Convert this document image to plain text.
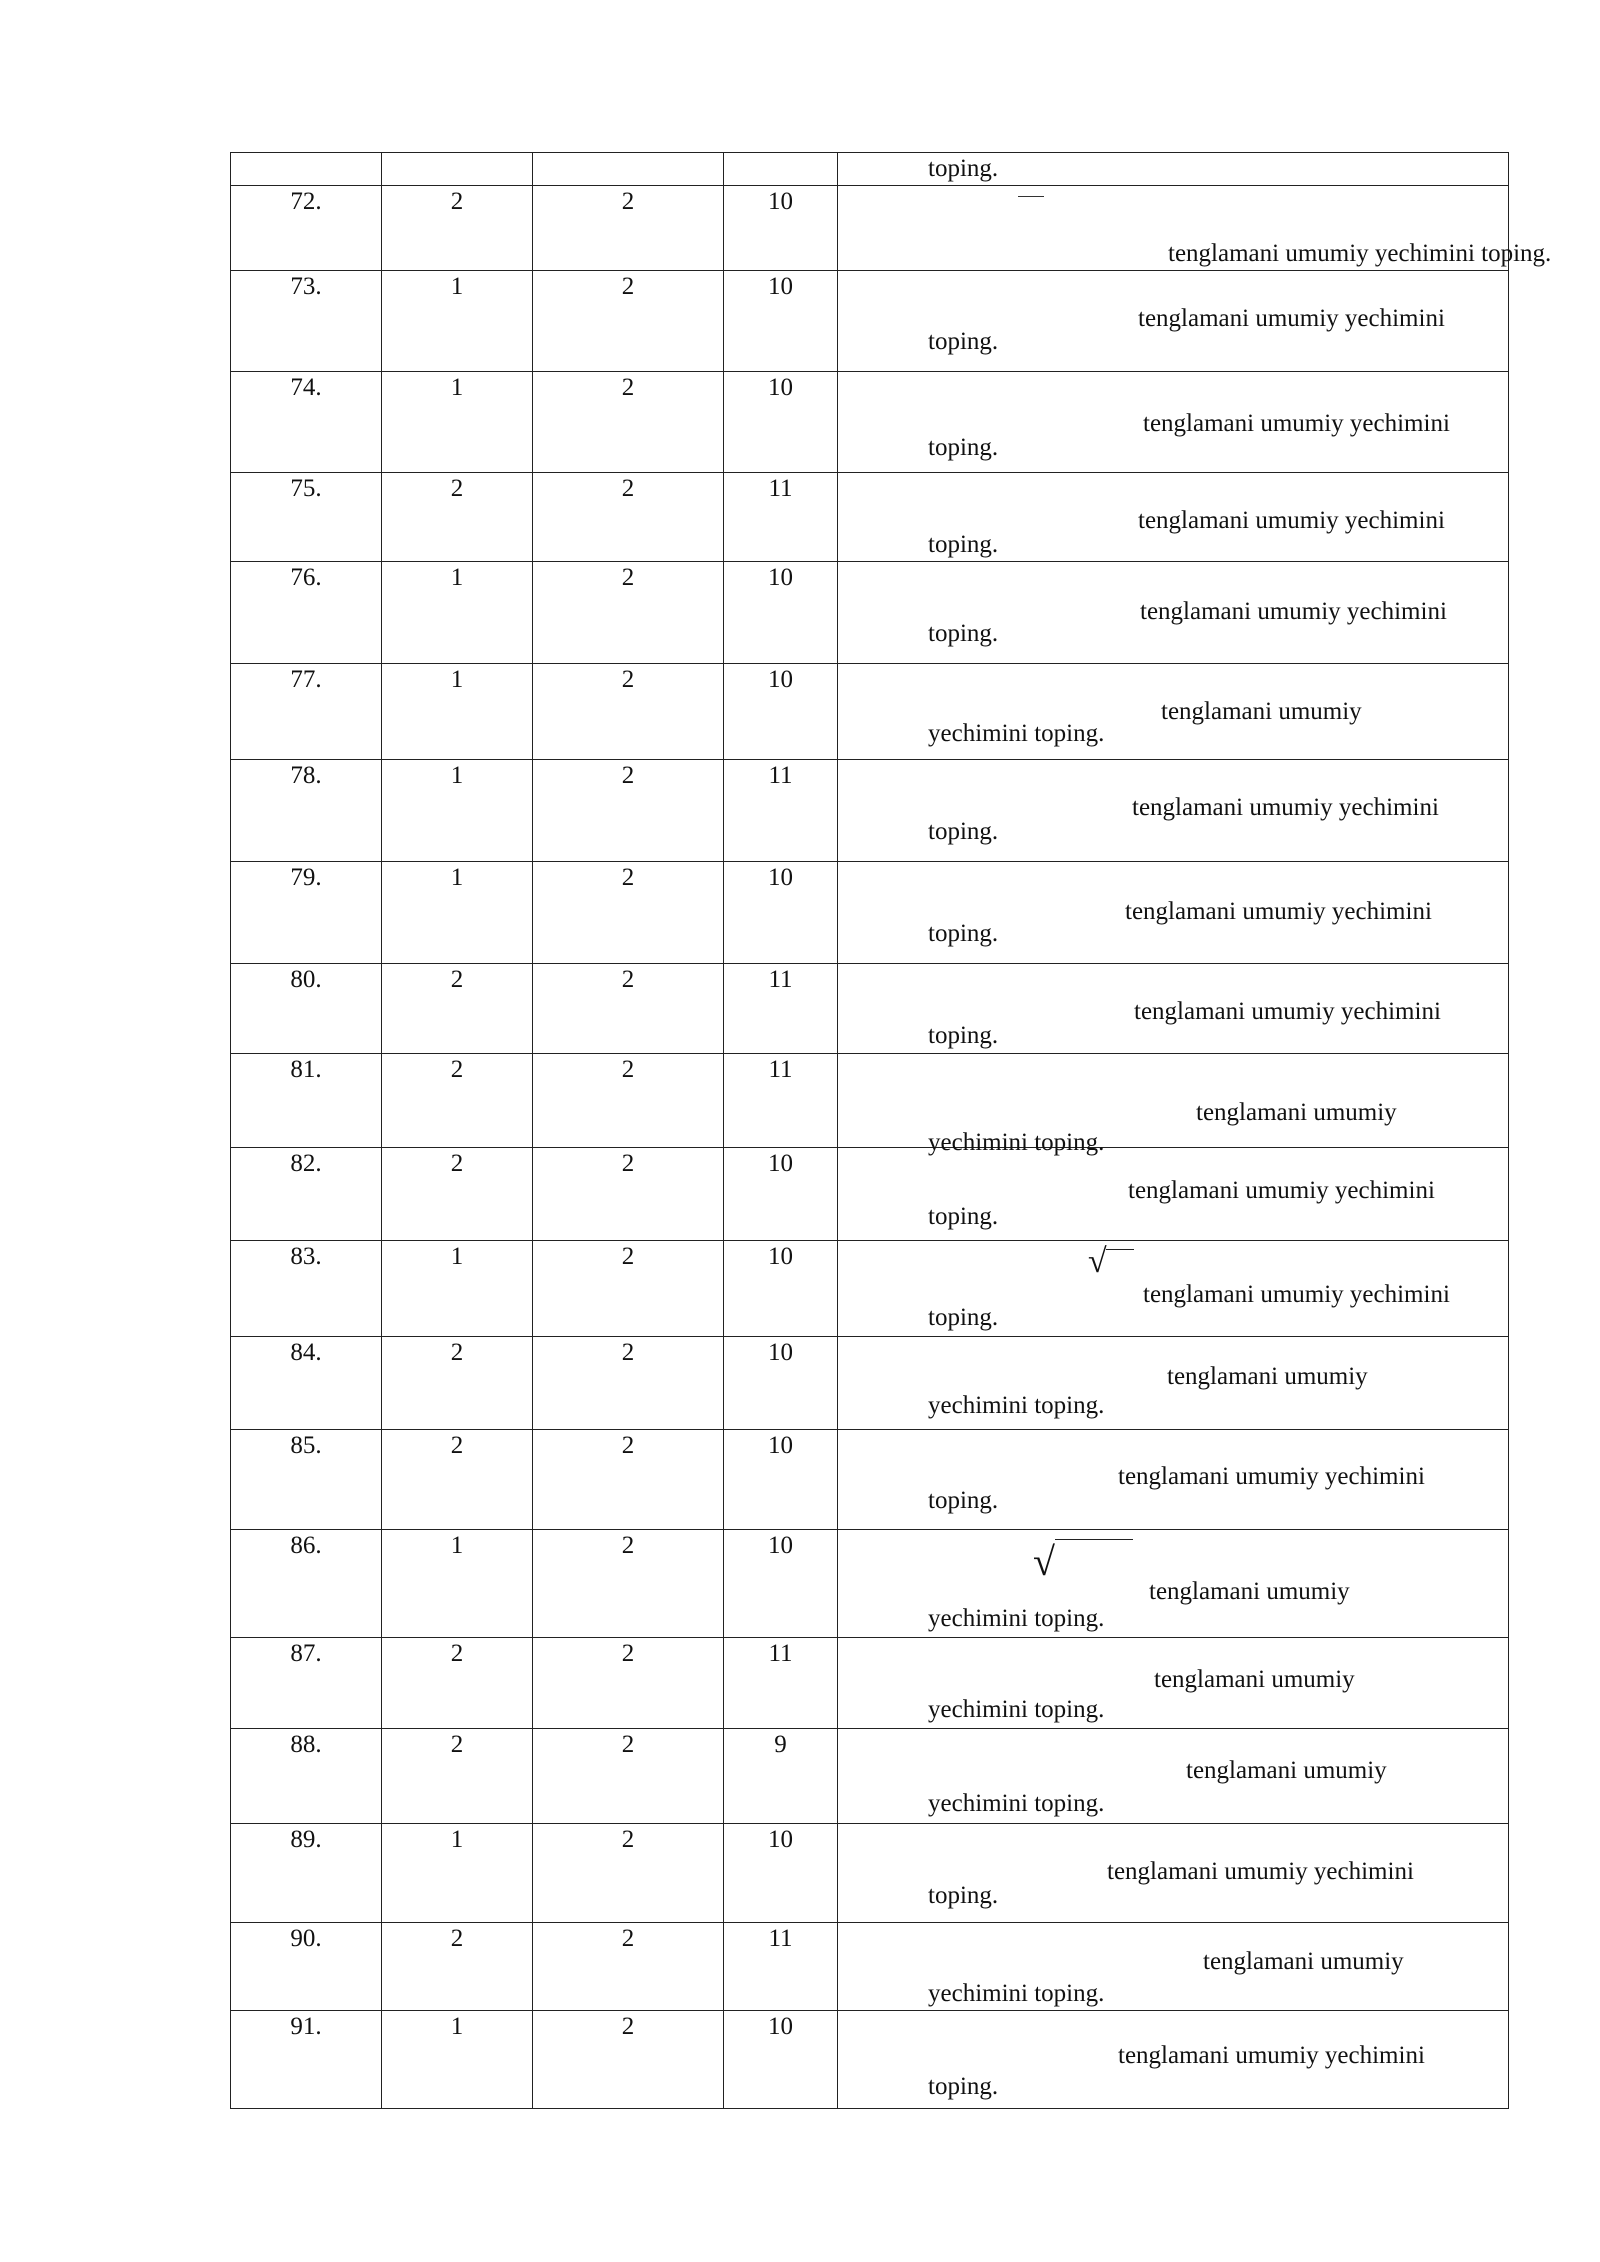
				toping.

72.	2	2	10	tenglamani umumiy yechimini toping.

73.	1	2	10	tenglamani umumiy yechimini
toping.

74.	1	2	10	tenglamani umumiy yechimini
toping.

75.	2	2	11	tenglamani umumiy yechimini
toping.

76.	1	2	10	tenglamani umumiy yechimini
toping.

77.	1	2	10	tenglamani umumiy
yechimini toping.

78.	1	2	11	tenglamani umumiy yechimini
toping.

79.	1	2	10	tenglamani umumiy yechimini
toping.

80.	2	2	11	tenglamani umumiy yechimini
toping.

81.	2	2	11	tenglamani umumiy
yechimini toping.

82.	2	2	10	tenglamani umumiy yechimini
toping.

83.	1	2	10	√
tenglamani umumiy yechimini
toping.

84.	2	2	10	tenglamani umumiy
yechimini toping.

85.	2	2	10	tenglamani umumiy yechimini
toping.

86.	1	2	10	√
tenglamani umumiy
yechimini toping.

87.	2	2	11	tenglamani umumiy
yechimini toping.

88.	2	2	9	tenglamani umumiy
yechimini toping.

89.	1	2	10	tenglamani umumiy yechimini
toping.

90.	2	2	11	tenglamani umumiy
yechimini toping.

91.	1	2	10	tenglamani umumiy yechimini
toping.
